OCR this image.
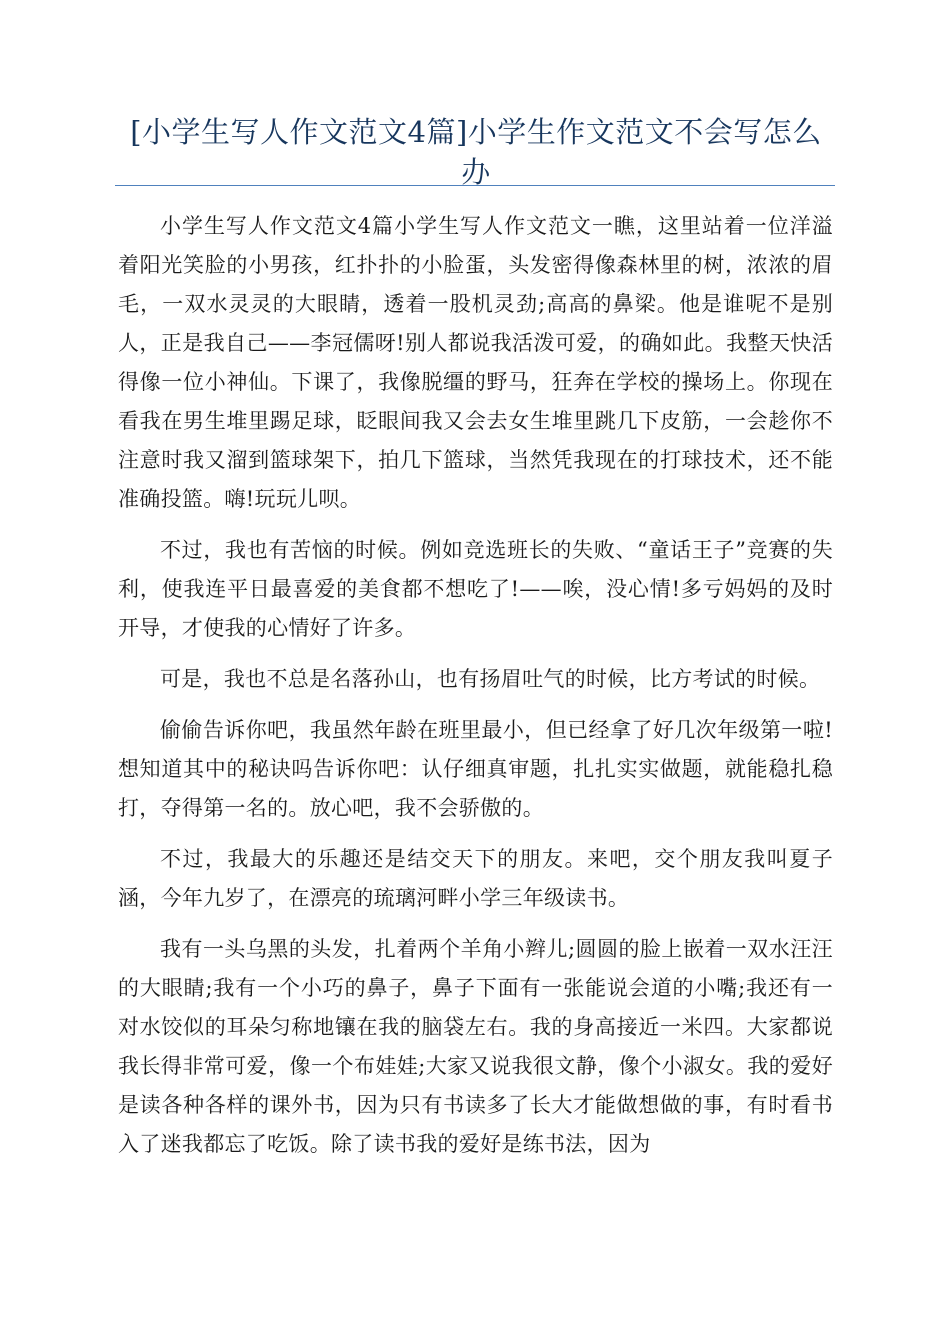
[小学生写人作文范文4篇]小学生作文范文不会写怎么办

小学生写人作文范文4篇小学生写人作文范文一瞧，这里站着一位洋溢着阳光笑脸的小男孩，红扑扑的小脸蛋，头发密得像森林里的树，浓浓的眉毛，一双水灵灵的大眼睛，透着一股机灵劲;高高的鼻梁。他是谁呢不是别人，正是我自己——李冠儒呀!别人都说我活泼可爱，的确如此。我整天快活得像一位小神仙。下课了，我像脱缰的野马，狂奔在学校的操场上。你现在看我在男生堆里踢足球，眨眼间我又会去女生堆里跳几下皮筋，一会趁你不注意时我又溜到篮球架下，拍几下篮球，当然凭我现在的打球技术，还不能准确投篮。嗨!玩玩儿呗。

不过，我也有苦恼的时候。例如竞选班长的失败、“童话王子”竞赛的失利，使我连平日最喜爱的美食都不想吃了!——唉，没心情!多亏妈妈的及时开导，才使我的心情好了许多。

可是，我也不总是名落孙山，也有扬眉吐气的时候，比方考试的时候。

偷偷告诉你吧，我虽然年龄在班里最小，但已经拿了好几次年级第一啦!想知道其中的秘诀吗告诉你吧：认仔细真审题，扎扎实实做题，就能稳扎稳打，夺得第一名的。放心吧，我不会骄傲的。

不过，我最大的乐趣还是结交天下的朋友。来吧，交个朋友我叫夏子涵，今年九岁了，在漂亮的琉璃河畔小学三年级读书。

我有一头乌黑的头发，扎着两个羊角小辫儿;圆圆的脸上嵌着一双水汪汪的大眼睛;我有一个小巧的鼻子，鼻子下面有一张能说会道的小嘴;我还有一对水饺似的耳朵匀称地镶在我的脑袋左右。我的身高接近一米四。大家都说我长得非常可爱，像一个布娃娃;大家又说我很文静，像个小淑女。我的爱好是读各种各样的课外书，因为只有书读多了长大才能做想做的事，有时看书入了迷我都忘了吃饭。除了读书我的爱好是练书法，因为
